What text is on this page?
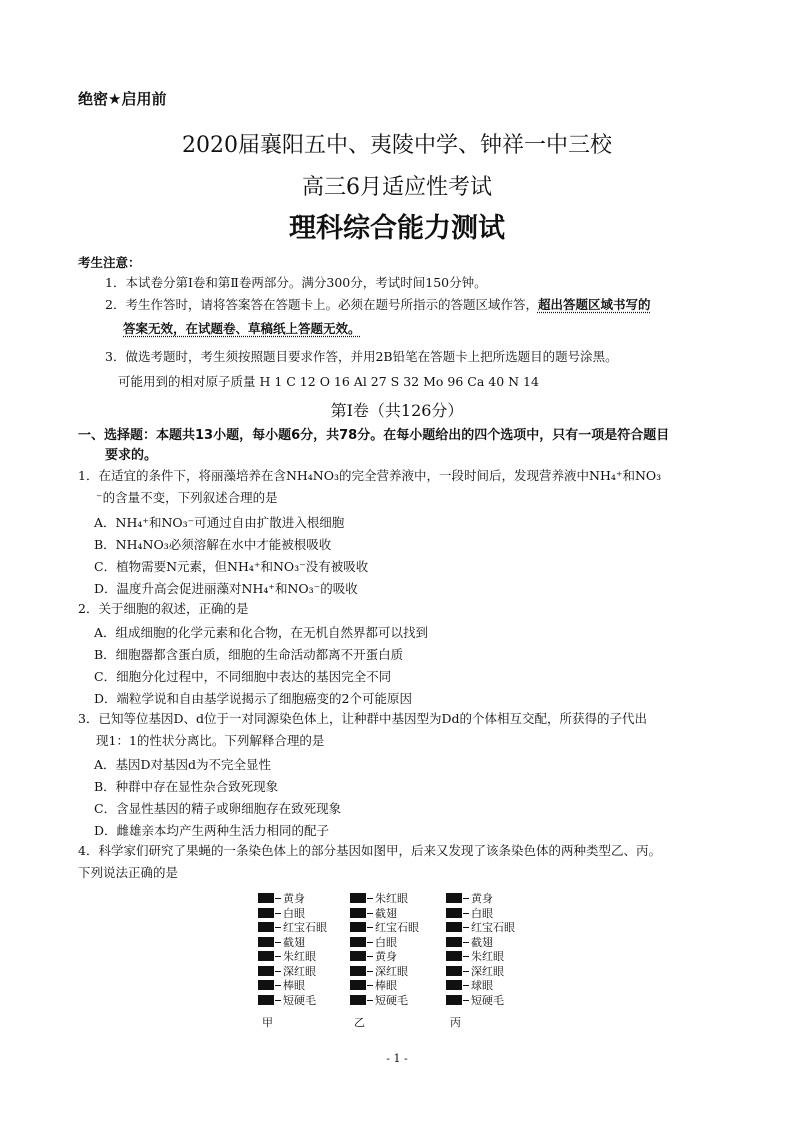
绝密★启用前
2020届襄阳五中、夷陵中学、钟祥一中三校
高三6月适应性考试
理科综合能力测试
考生注意：
1．本试卷分第Ⅰ卷和第Ⅱ卷两部分。满分300分，考试时间150分钟。
2．考生作答时，请将答案答在答题卡上。必须在题号所指示的答题区域作答，超出答题区域书写的
答案无效，在试题卷、草稿纸上答题无效。
3．做选考题时，考生须按照题目要求作答，并用2B铅笔在答题卡上把所选题目的题号涂黑。
可能用到的相对原子质量 H 1 C 12 O 16 Al 27 S 32 Mo 96 Ca 40 N 14
第Ⅰ卷（共126分）
一、选择题：本题共13小题，每小题6分，共78分。在每小题给出的四个选项中，只有一项是符合题目
要求的。
1．在适宜的条件下，将丽藻培养在含NH₄NO₃的完全营养液中，一段时间后，发现营养液中NH₄⁺和NO₃
⁻的含量不变，下列叙述合理的是
A．NH₄⁺和NO₃⁻可通过自由扩散进入根细胞
B．NH₄NO₃必须溶解在水中才能被根吸收
C．植物需要N元素，但NH₄⁺和NO₃⁻没有被吸收
D．温度升高会促进丽藻对NH₄⁺和NO₃⁻的吸收
2．关于细胞的叙述，正确的是
A．组成细胞的化学元素和化合物，在无机自然界都可以找到
B．细胞器都含蛋白质，细胞的生命活动都离不开蛋白质
C．细胞分化过程中，不同细胞中表达的基因完全不同
D．端粒学说和自由基学说揭示了细胞癌变的2个可能原因
3．已知等位基因D、d位于一对同源染色体上，让种群中基因型为Dd的个体相互交配，所获得的子代出
现1：1的性状分离比。下列解释合理的是
A．基因D对基因d为不完全显性
B．种群中存在显性杂合致死现象
C．含显性基因的精子或卵细胞存在致死现象
D．雌雄亲本均产生两种生活力相同的配子
4．科学家们研究了果蝇的一条染色体上的部分基因如图甲，后来又发现了该条染色体的两种类型乙、丙。
下列说法正确的是
黄身
白眼
红宝石眼
截翅
朱红眼
深红眼
棒眼
短硬毛
朱红眼
截翅
红宝石眼
白眼
黄身
深红眼
棒眼
短硬毛
黄身
白眼
红宝石眼
截翅
朱红眼
深红眼
球眼
短硬毛
甲	乙	丙
- 1 -
